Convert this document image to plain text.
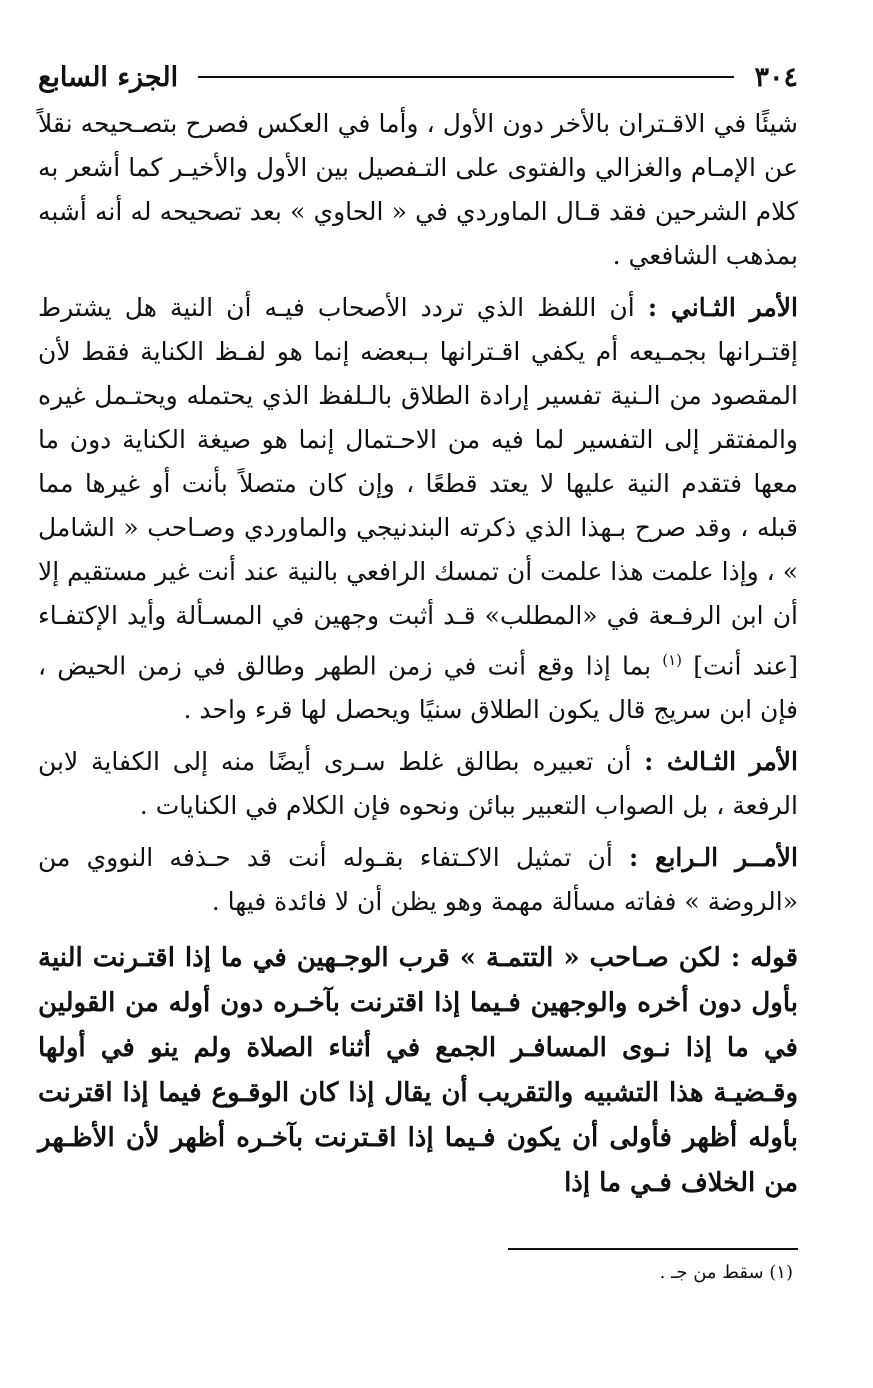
٣٠٤
الجزء السابع

شيئًا في الاقـتران بالأخر دون الأول ، وأما في العكس فصرح بتصـحيحه نقلاً عن الإمـام والغزالي والفتوى على التـفصيل بين الأول والأخيـر كما أشعر به كلام الشرحين فقد قـال الماوردي في « الحاوي » بعد تصحيحه له أنه أشبه بمذهب الشافعي .

الأمر الثـاني : أن اللفظ الذي تردد الأصحاب فيـه أن النية هل يشترط إقتـرانها بجمـيعه أم يكفي اقـترانها بـبعضه إنما هو لفـظ الكناية فقط لأن المقصود من الـنية تفسير إرادة الطلاق بالـلفظ الذي يحتمله ويحتـمل غيره والمفتقر إلى التفسير لما فيه من الاحـتمال إنما هو صيغة الكناية دون ما معها فتقدم النية عليها لا يعتد قطعًا ، وإن كان متصلاً بأنت أو غيرها مما قبله ، وقد صرح بـهذا الذي ذكرته البندنيجي والماوردي وصـاحب « الشامل » ، وإذا علمت هذا علمت أن تمسك الرافعي بالنية عند أنت غير مستقيم إلا أن ابن الرفـعة في «المطلب» قـد أثبت وجهين في المسـألة وأيد الإكتفـاء [عند أنت] $^{(١)}$ بما إذا وقع أنت في زمن الطهر وطالق في زمن الحيض ، فإن ابن سريج قال يكون الطلاق سنيًا ويحصل لها قرء واحد .

الأمر الثـالث : أن تعبيره بطالق غلط سـرى أيضًا منه إلى الكفاية لابن الرفعة ، بل الصواب التعبير ببائن ونحوه فإن الكلام في الكنايات .

الأمــر الـرابع : أن تمثيل الاكـتفاء بقـوله أنت قد حـذفه النووي من «الروضة » ففاته مسألة مهمة وهو يظن أن لا فائدة فيها .

قوله : لكن صـاحب « التتمـة » قرب الوجـهين في ما إذا اقتـرنت النية بأول دون أخره والوجهين فـيما إذا اقترنت بآخـره دون أوله من القولين في ما إذا نـوى المسافـر الجمع في أثناء الصلاة ولم ينو في أولها وقـضيـة هذا التشبيه والتقريب أن يقال إذا كان الوقـوع فيما إذا اقترنت بأوله أظهر فأولى أن يكون فـيما إذا اقـترنت بآخـره أظهر لأن الأظـهر من الخلاف فـي ما إذا

(١) سقط من جـ .
